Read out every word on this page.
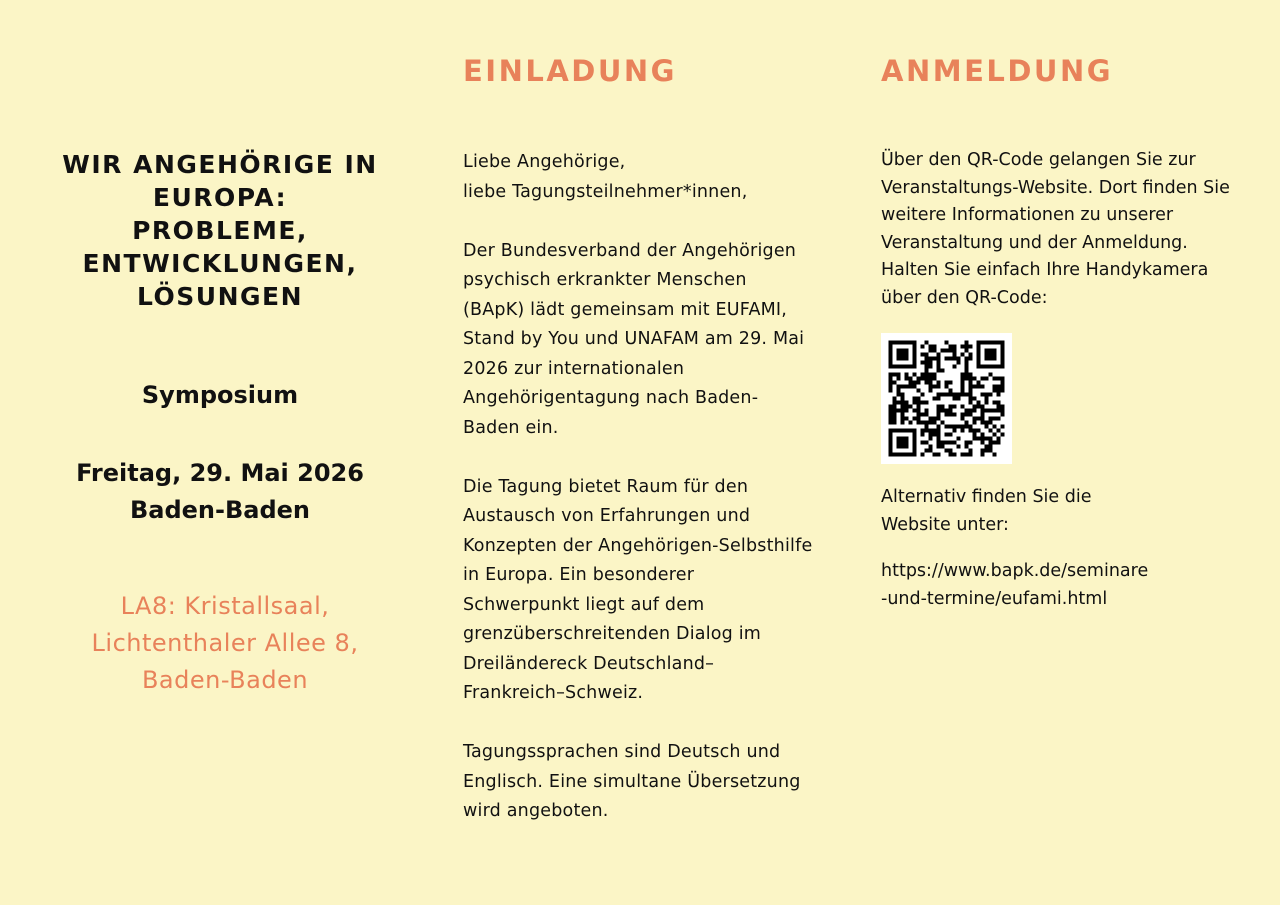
WIR ANGEHÖRIGE IN
EUROPA:
PROBLEME,
ENTWICKLUNGEN,
LÖSUNGEN
Symposium
Freitag, 29. Mai 2026
Baden-Baden
LA8: Kristallsaal,
Lichtenthaler Allee 8,
Baden-Baden
EINLADUNG

Liebe Angehörige,
liebe Tagungsteilnehmer*innen,

Der Bundesverband der Angehörigen psychisch erkrankter Menschen (BApK) lädt gemeinsam mit EUFAMI, Stand by You und UNAFAM am 29. Mai 2026 zur internationalen Angehörigentagung nach Baden-Baden ein.

Die Tagung bietet Raum für den Austausch von Erfahrungen und Konzepten der Angehörigen-Selbsthilfe in Europa. Ein besonderer Schwerpunkt liegt auf dem grenzüberschreitenden Dialog im Dreiländereck Deutschland–Frankreich–Schweiz.

Tagungssprachen sind Deutsch und Englisch. Eine simultane Übersetzung wird angeboten.

ANMELDUNG

Über den QR-Code gelangen Sie zur Veranstaltungs-Website. Dort finden Sie weitere Informationen zu unserer Veranstaltung und der Anmeldung. Halten Sie einfach Ihre Handykamera über den QR-Code:

Alternativ finden Sie die Website unter:
https://www.bapk.de/seminare
-und-termine/eufami.html
